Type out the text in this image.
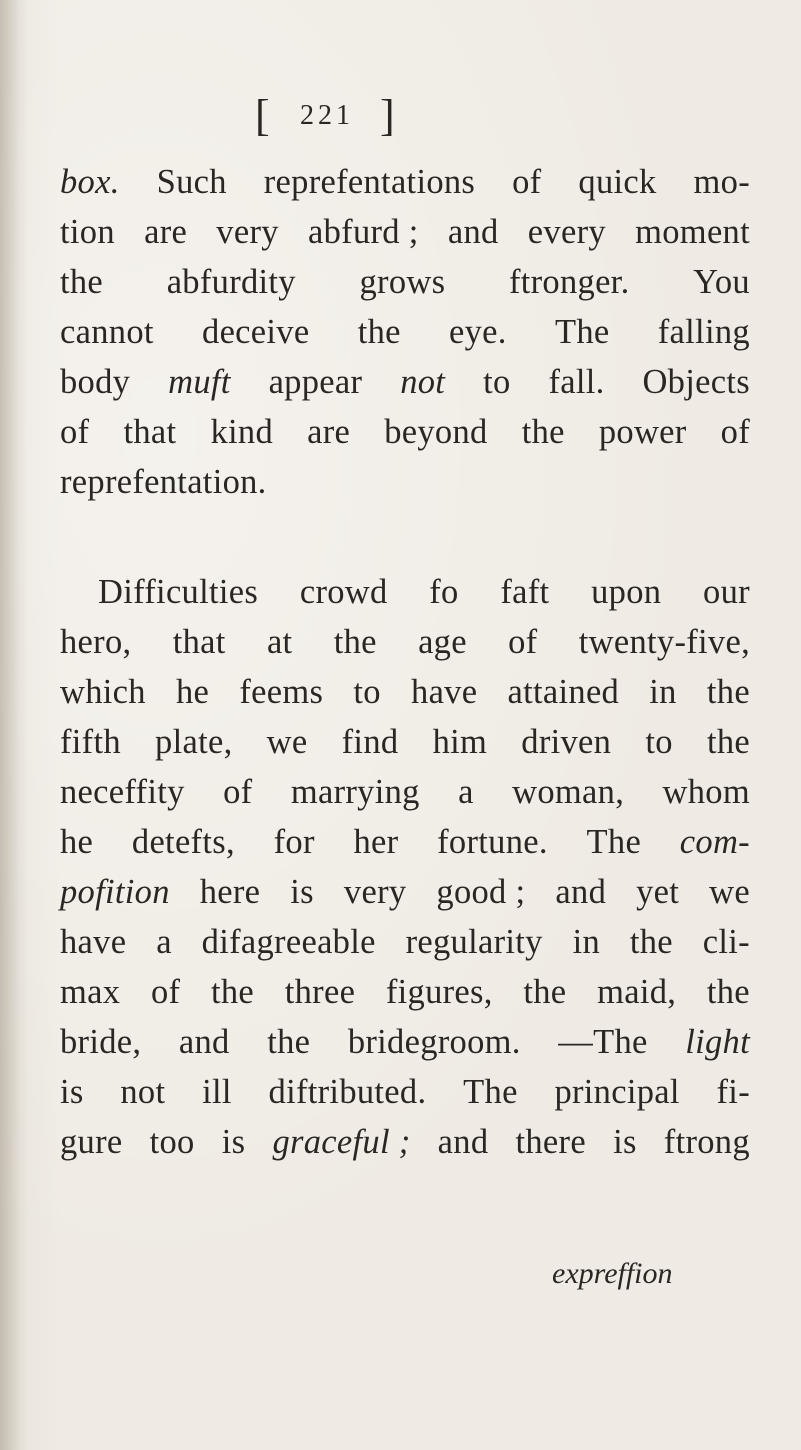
[ 221 ]
box. Such reprefentations of quick mo-
tion are very abfurd ; and every moment
the abfurdity grows ftronger. You
cannot deceive the eye. The falling
body muft appear not to fall. Objects
of that kind are beyond the power of
reprefentation.
Difficulties crowd fo faft upon our
hero, that at the age of twenty-five,
which he feems to have attained in the
fifth plate, we find him driven to the
neceffity of marrying a woman, whom
he detefts, for her fortune. The com-
pofition here is very good ; and yet we
have a difagreeable regularity in the cli-
max of the three figures, the maid, the
bride, and the bridegroom. —The light
is not ill diftributed. The principal fi-
gure too is graceful ; and there is ftrong
expreffion
